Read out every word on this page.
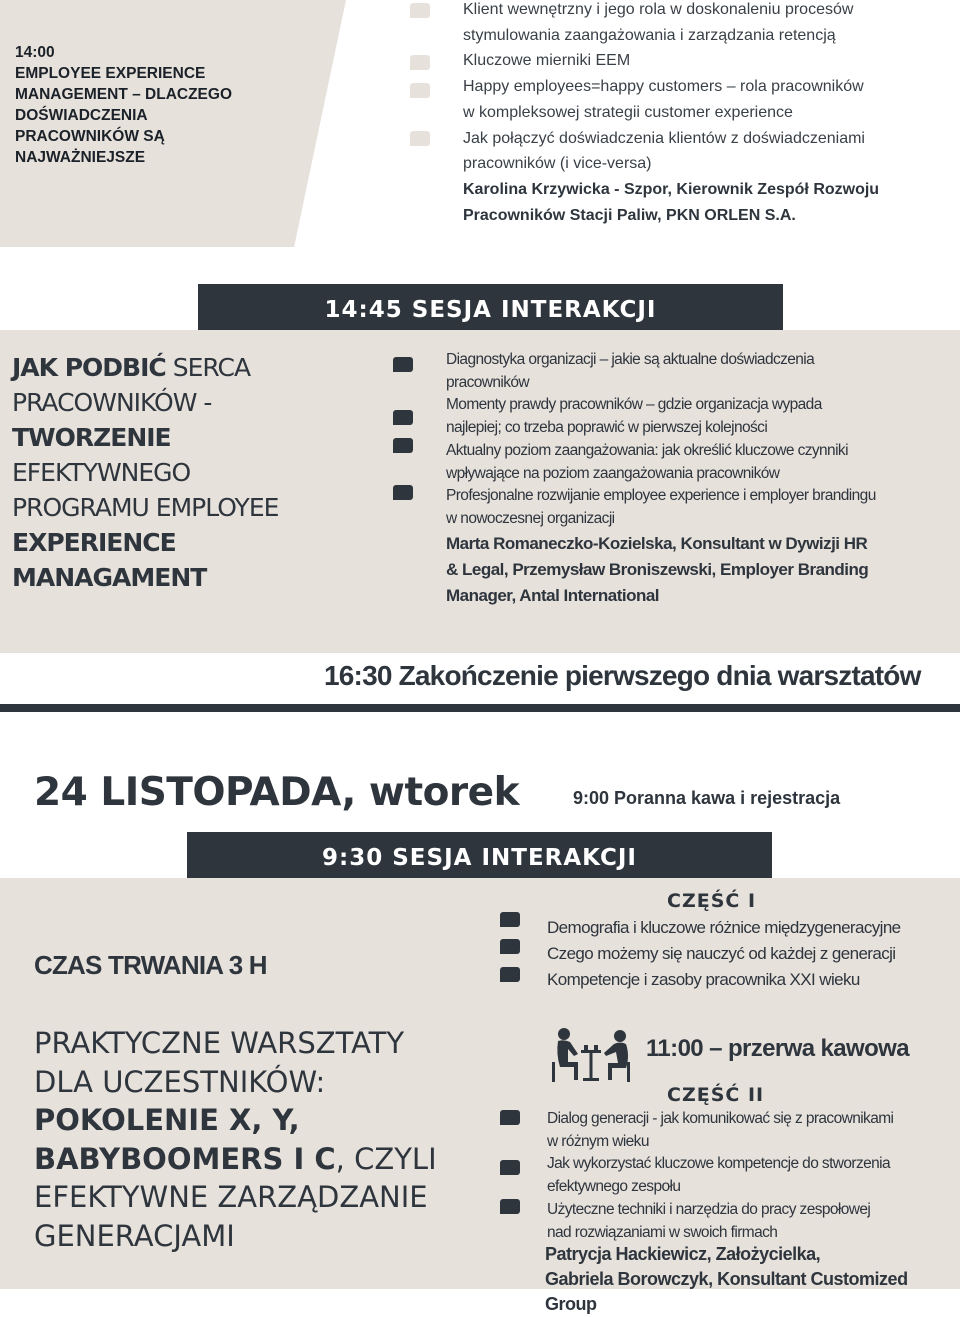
14:00
EMPLOYEE EXPERIENCE
MANAGEMENT – DLACZEGO
DOŚWIADCZENIA
PRACOWNIKÓW SĄ
NAJWAŻNIEJSZE
Klient wewnętrzny i jego rola w doskonaleniu procesów
stymulowania zaangażowania i zarządzania retencją
Kluczowe mierniki EEM
Happy employees=happy customers – rola pracowników
w kompleksowej strategii customer experience
Jak połączyć doświadczenia klientów z doświadczeniami
pracowników (i vice-versa)
Karolina Krzywicka - Szpor, Kierownik Zespół Rozwoju
Pracowników Stacji Paliw, PKN ORLEN S.A.
14:45 SESJA INTERAKCJI
JAK PODBIĆ SERCA
PRACOWNIKÓW -
TWORZENIE
EFEKTYWNEGO
PROGRAMU EMPLOYEE
EXPERIENCE
MANAGAMENT
Diagnostyka organizacji – jakie są aktualne doświadczenia
pracowników
Momenty prawdy pracowników – gdzie organizacja wypada
najlepiej; co trzeba poprawić w pierwszej kolejności
Aktualny poziom zaangażowania: jak określić kluczowe czynniki
wpływające na poziom zaangażowania pracowników
Profesjonalne rozwijanie employee experience i employer brandingu
w nowoczesnej organizacji
Marta Romaneczko-Kozielska, Konsultant w Dywizji HR
& Legal, Przemysław Broniszewski, Employer Branding
Manager, Antal International
16:30 Zakończenie pierwszego dnia warsztatów
24 LISTOPADA, wtorek	9:00 Poranna kawa i rejestracja
9:30 SESJA INTERAKCJI
CZAS TRWANIA 3 H
PRAKTYCZNE WARSZTATY
DLA UCZESTNIKÓW:
POKOLENIE X, Y,
BABYBOOMERS I C, CZYLI
EFEKTYWNE ZARZĄDZANIE
GENERACJAMI
CZĘŚĆ I
Demografia i kluczowe różnice międzygeneracyjne
Czego możemy się nauczyć od każdej z generacji
Kompetencje i zasoby pracownika XXI wieku
11:00 – przerwa kawowa
CZĘŚĆ II
Dialog generacji - jak komunikować się z pracownikami
w różnym wieku
Jak wykorzystać kluczowe kompetencje do stworzenia
efektywnego zespołu
Użyteczne techniki i narzędzia do pracy zespołowej
nad rozwiązaniami w swoich firmach
Patrycja Hackiewicz, Założycielka,
Gabriela Borowczyk, Konsultant Customized Group
